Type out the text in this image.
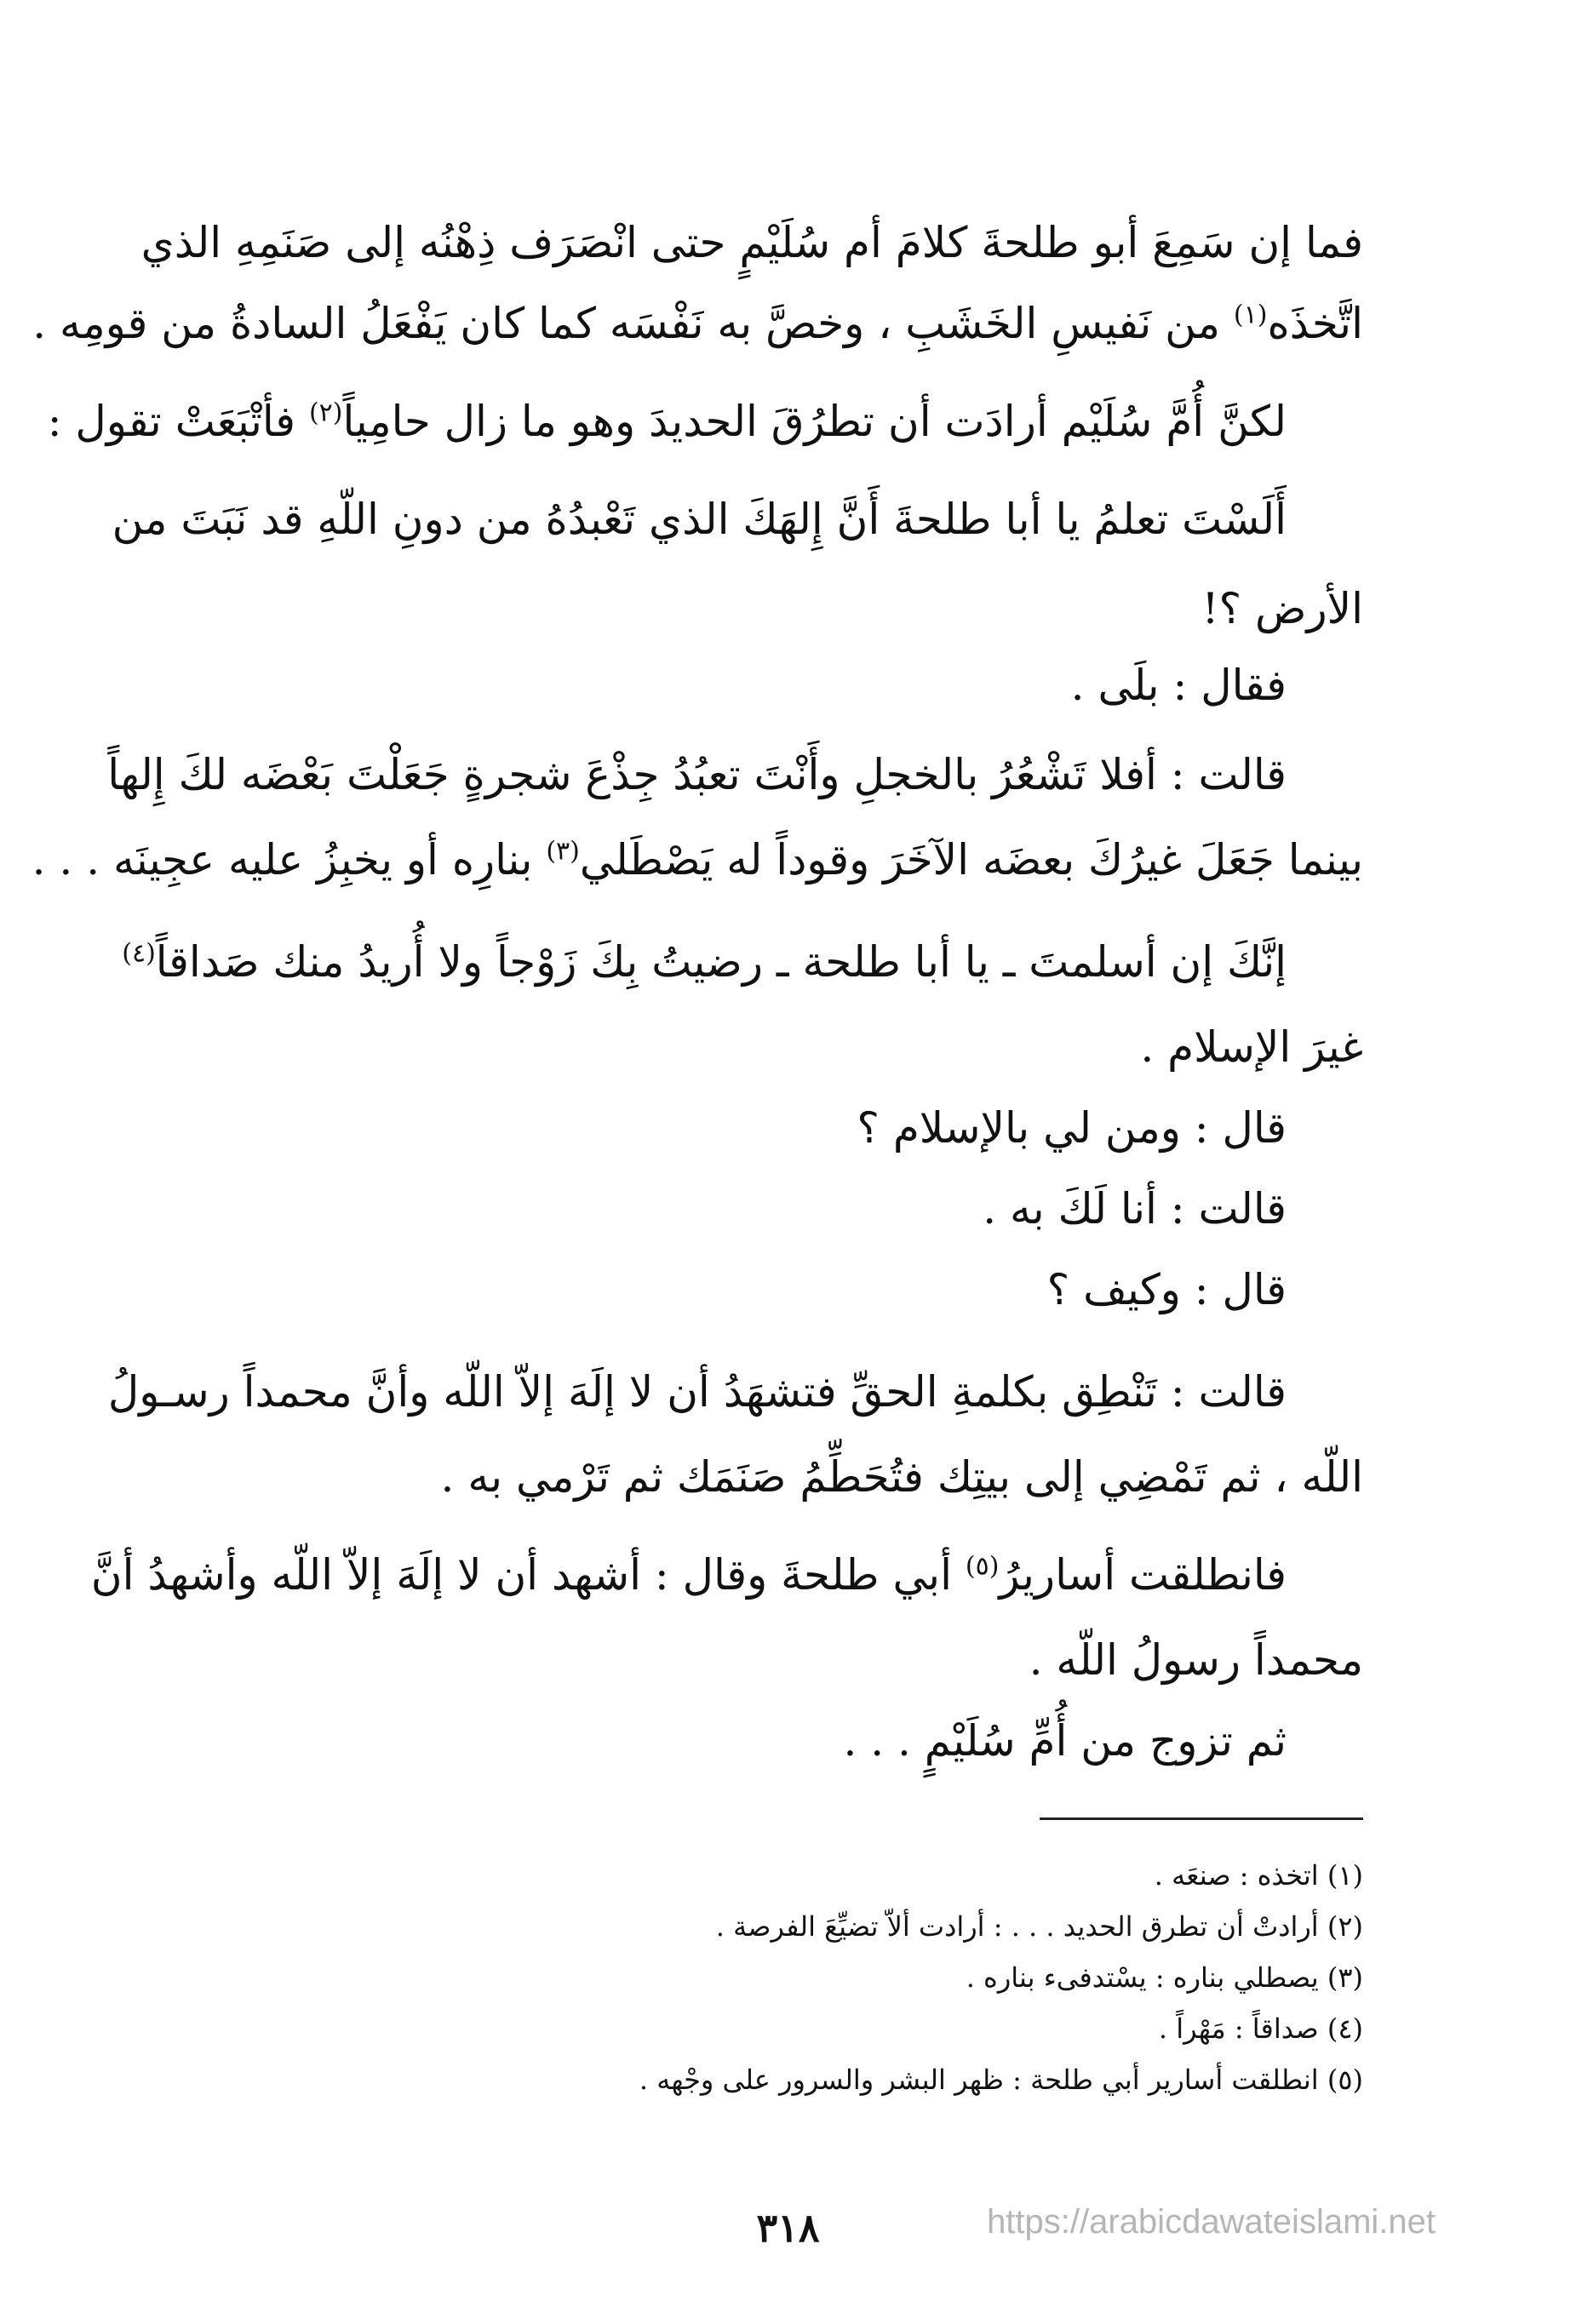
فما إن سَمِعَ أبو طلحةَ كلامَ أم سُلَيْمٍ حتى انْصَرَف ذِهْنُه إلى صَنَمِهِ الذي
اتَّخذَه$^{(١)}$ من نَفيسِ الخَشَبِ ، وخصَّ به نَفْسَه كما كان يَفْعَلُ السادةُ من قومِه .
لكنَّ أُمَّ سُلَيْم أرادَت أن تطرُقَ الحديدَ وهو ما زال حامِياً$^{(٢)}$ فأتْبَعَتْ تقول :
أَلَسْتَ تعلمُ يا أبا طلحةَ أَنَّ إِلهَكَ الذي تَعْبدُهُ من دونِ اللّهِ قد نَبَتَ من
الأرض ؟!
فقال : بلَى .
قالت : أفلا تَشْعُرُ بالخجلِ وأَنْتَ تعبُدُ جِذْعَ شجرةٍ جَعَلْتَ بَعْضَه لكَ إِلهاً
بينما جَعَلَ غيرُكَ بعضَه الآخَرَ وقوداً له يَصْطَلي$^{(٣)}$ بنارِه أو يخبِزُ عليه عجِينَه . . .
إنَّكَ إن أسلمتَ ـ يا أبا طلحة ـ رضيتُ بِكَ زَوْجاً ولا أُريدُ منك صَداقاً$^{(٤)}$
غيرَ الإسلام .
قال : ومن لي بالإسلام ؟
قالت : أنا لَكَ به .
قال : وكيف ؟
قالت : تَنْطِق بكلمةِ الحقِّ فتشهَدُ أن لا إلَهَ إلاّ اللّه وأنَّ محمداً رسـولُ
اللّه ، ثم تَمْضِي إلى بيتِك فتُحَطِّمُ صَنَمَك ثم تَرْمي به .
فانطلقت أساريرُ$^{(٥)}$ أبي طلحةَ وقال : أشهد أن لا إلَهَ إلاّ اللّه وأشهدُ أنَّ
محمداً رسولُ اللّه .
ثم تزوج من أُمِّ سُلَيْمٍ . . .
(١) اتخذه : صنعَه .
(٢) أرادتْ أن تطرق الحديد . . . : أرادت ألاّ تضيِّعَ الفرصة .
(٣) يصطلي بناره : يسْتدفىء بناره .
(٤) صداقاً : مَهْراً .
(٥) انطلقت أسارير أبي طلحة : ظهر البشر والسرور على وجْهه .
٣١٨	https://arabicdawateislami.net
